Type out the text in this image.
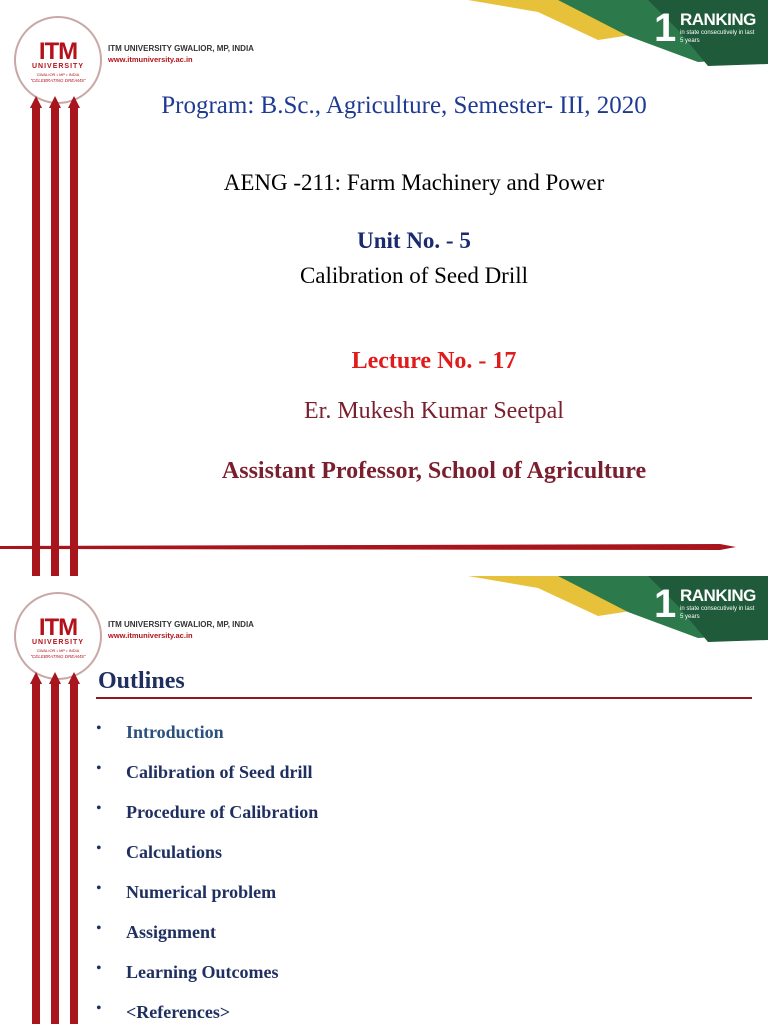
1 RANKING
in state consecutively in last
5 years
ITM
UNIVERSITY
GWALIOR • MP • INDIA
"CELEBRATING DREAMS"
ITM UNIVERSITY GWALIOR, MP, INDIA
www.itmuniversity.ac.in
Program: B.Sc., Agriculture, Semester- III, 2020
AENG -211: Farm Machinery and Power
Unit No. - 5
Calibration of Seed Drill
Lecture No. - 17
Er. Mukesh Kumar Seetpal
Assistant Professor, School of Agriculture
1 RANKING
in state consecutively in last
5 years
ITM
UNIVERSITY
GWALIOR • MP • INDIA
"CELEBRATING DREAMS"
ITM UNIVERSITY GWALIOR, MP, INDIA
www.itmuniversity.ac.in
Outlines
• Introduction
• Calibration of Seed drill
• Procedure of Calibration
• Calculations
• Numerical problem
• Assignment
• Learning Outcomes
• <References>
